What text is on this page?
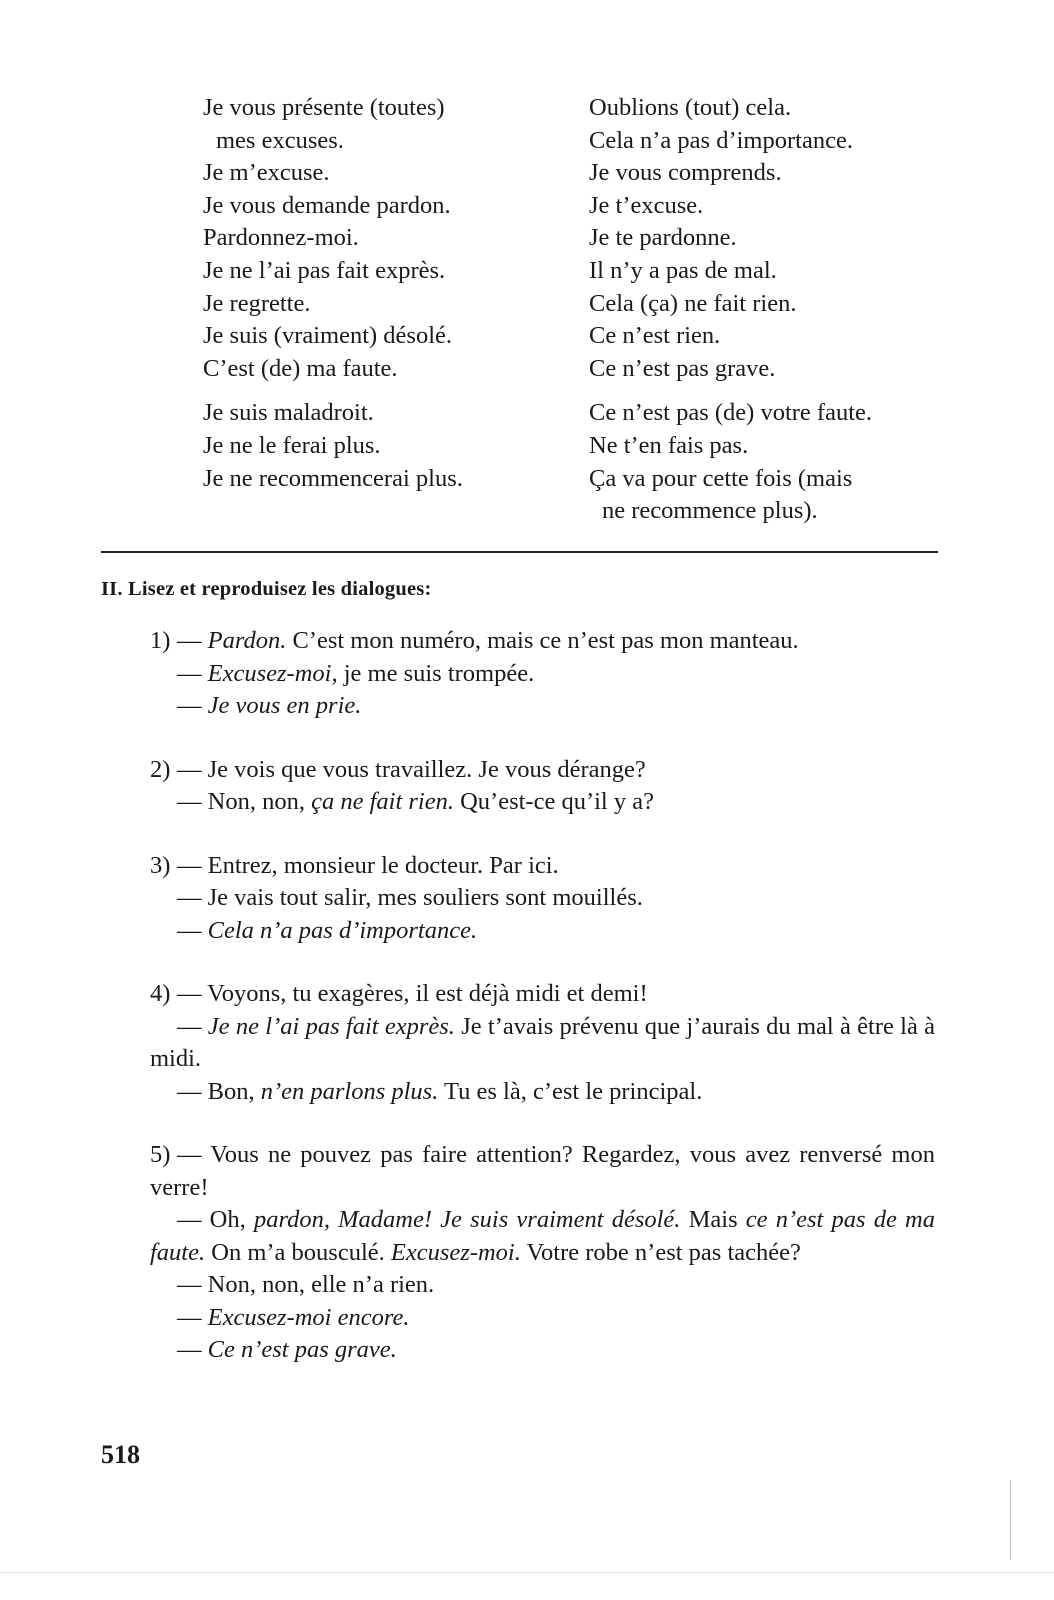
Je vous présente (toutes)
mes excuses.
Je m’excuse.
Je vous demande pardon.
Pardonnez-moi.
Je ne l’ai pas fait exprès.
Je regrette.
Je suis (vraiment) désolé.
C’est (de) ma faute.
Je suis maladroit.
Je ne le ferai plus.
Je ne recommencerai plus.
Oublions (tout) cela.
Cela n’a pas d’importance.
Je vous comprends.
Je t’excuse.
Je te pardonne.
Il n’y a pas de mal.
Cela (ça) ne fait rien.
Ce n’est rien.
Ce n’est pas grave.
Ce n’est pas (de) votre faute.
Ne t’en fais pas.
Ça va pour cette fois (mais
ne recommence plus).
II. Lisez et reproduisez les dialogues:
1) — Pardon. C’est mon numéro, mais ce n’est pas mon manteau.
— Excusez-moi, je me suis trompée.
— Je vous en prie.
2) — Je vois que vous travaillez. Je vous dérange?
— Non, non, ça ne fait rien. Qu’est-ce qu’il y a?
3) — Entrez, monsieur le docteur. Par ici.
— Je vais tout salir, mes souliers sont mouillés.
— Cela n’a pas d’importance.
4) — Voyons, tu exagères, il est déjà midi et demi!
— Je ne l’ai pas fait exprès. Je t’avais prévenu que j’aurais du mal à être là à midi.
— Bon, n’en parlons plus. Tu es là, c’est le principal.
5) — Vous ne pouvez pas faire attention? Regardez, vous avez renversé mon verre!
— Oh, pardon, Madame! Je suis vraiment désolé. Mais ce n’est pas de ma faute. On m’a bousculé. Excusez-moi. Votre robe n’est pas tachée?
— Non, non, elle n’a rien.
— Excusez-moi encore.
— Ce n’est pas grave.
518
